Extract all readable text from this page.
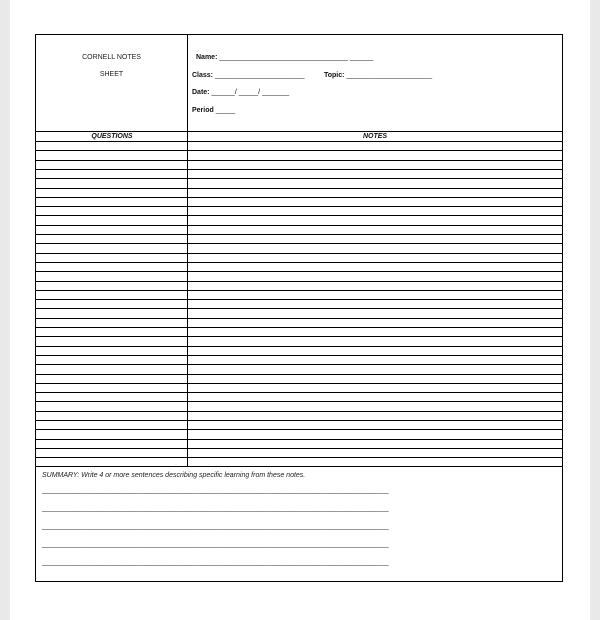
CORNELL NOTES
SHEET
Name: _________________________________ ______
Class: _______________________	Topic: ______________________
Date: ______/ _____/ _______
Period _____
QUESTIONS	NOTES
SUMMARY: Write 4 or more sentences describing specific learning from these notes.
_________________________________________________________________________________________
_________________________________________________________________________________________
_________________________________________________________________________________________
_________________________________________________________________________________________
_________________________________________________________________________________________
